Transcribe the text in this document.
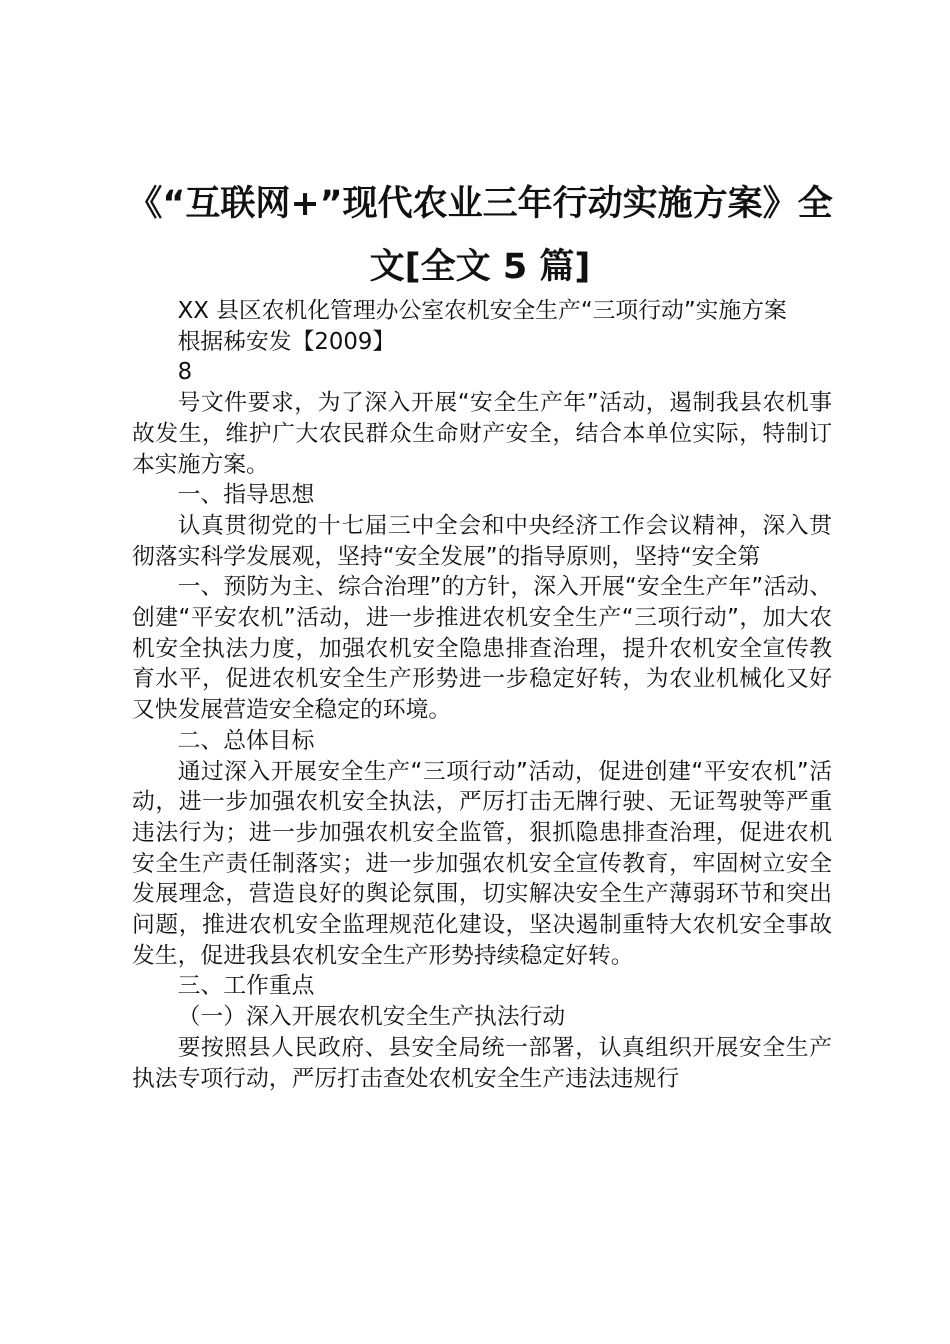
《“互联网+”现代农业三年行动实施方案》全
文[全文 5 篇]

XX 县区农机化管理办公室农机安全生产“三项行动”实施方案

根据秭安发【2009】

8

号文件要求，为了深入开展“安全生产年”活动，遏制我县农机事故发生，维护广大农民群众生命财产安全，结合本单位实际，特制订本实施方案。

一、指导思想

认真贯彻党的十七届三中全会和中央经济工作会议精神，深入贯彻落实科学发展观，坚持“安全发展”的指导原则，坚持“安全第

一、预防为主、综合治理”的方针，深入开展“安全生产年”活动、创建“平安农机”活动，进一步推进农机安全生产“三项行动”，加大农机安全执法力度，加强农机安全隐患排查治理，提升农机安全宣传教育水平，促进农机安全生产形势进一步稳定好转，为农业机械化又好又快发展营造安全稳定的环境。

二、总体目标

通过深入开展安全生产“三项行动”活动，促进创建“平安农机”活动，进一步加强农机安全执法，严厉打击无牌行驶、无证驾驶等严重违法行为；进一步加强农机安全监管，狠抓隐患排查治理，促进农机安全生产责任制落实；进一步加强农机安全宣传教育，牢固树立安全发展理念，营造良好的舆论氛围，切实解决安全生产薄弱环节和突出问题，推进农机安全监理规范化建设，坚决遏制重特大农机安全事故发生，促进我县农机安全生产形势持续稳定好转。

三、工作重点

（一）深入开展农机安全生产执法行动

要按照县人民政府、县安全局统一部署，认真组织开展安全生产执法专项行动，严厉打击查处农机安全生产违法违规行
